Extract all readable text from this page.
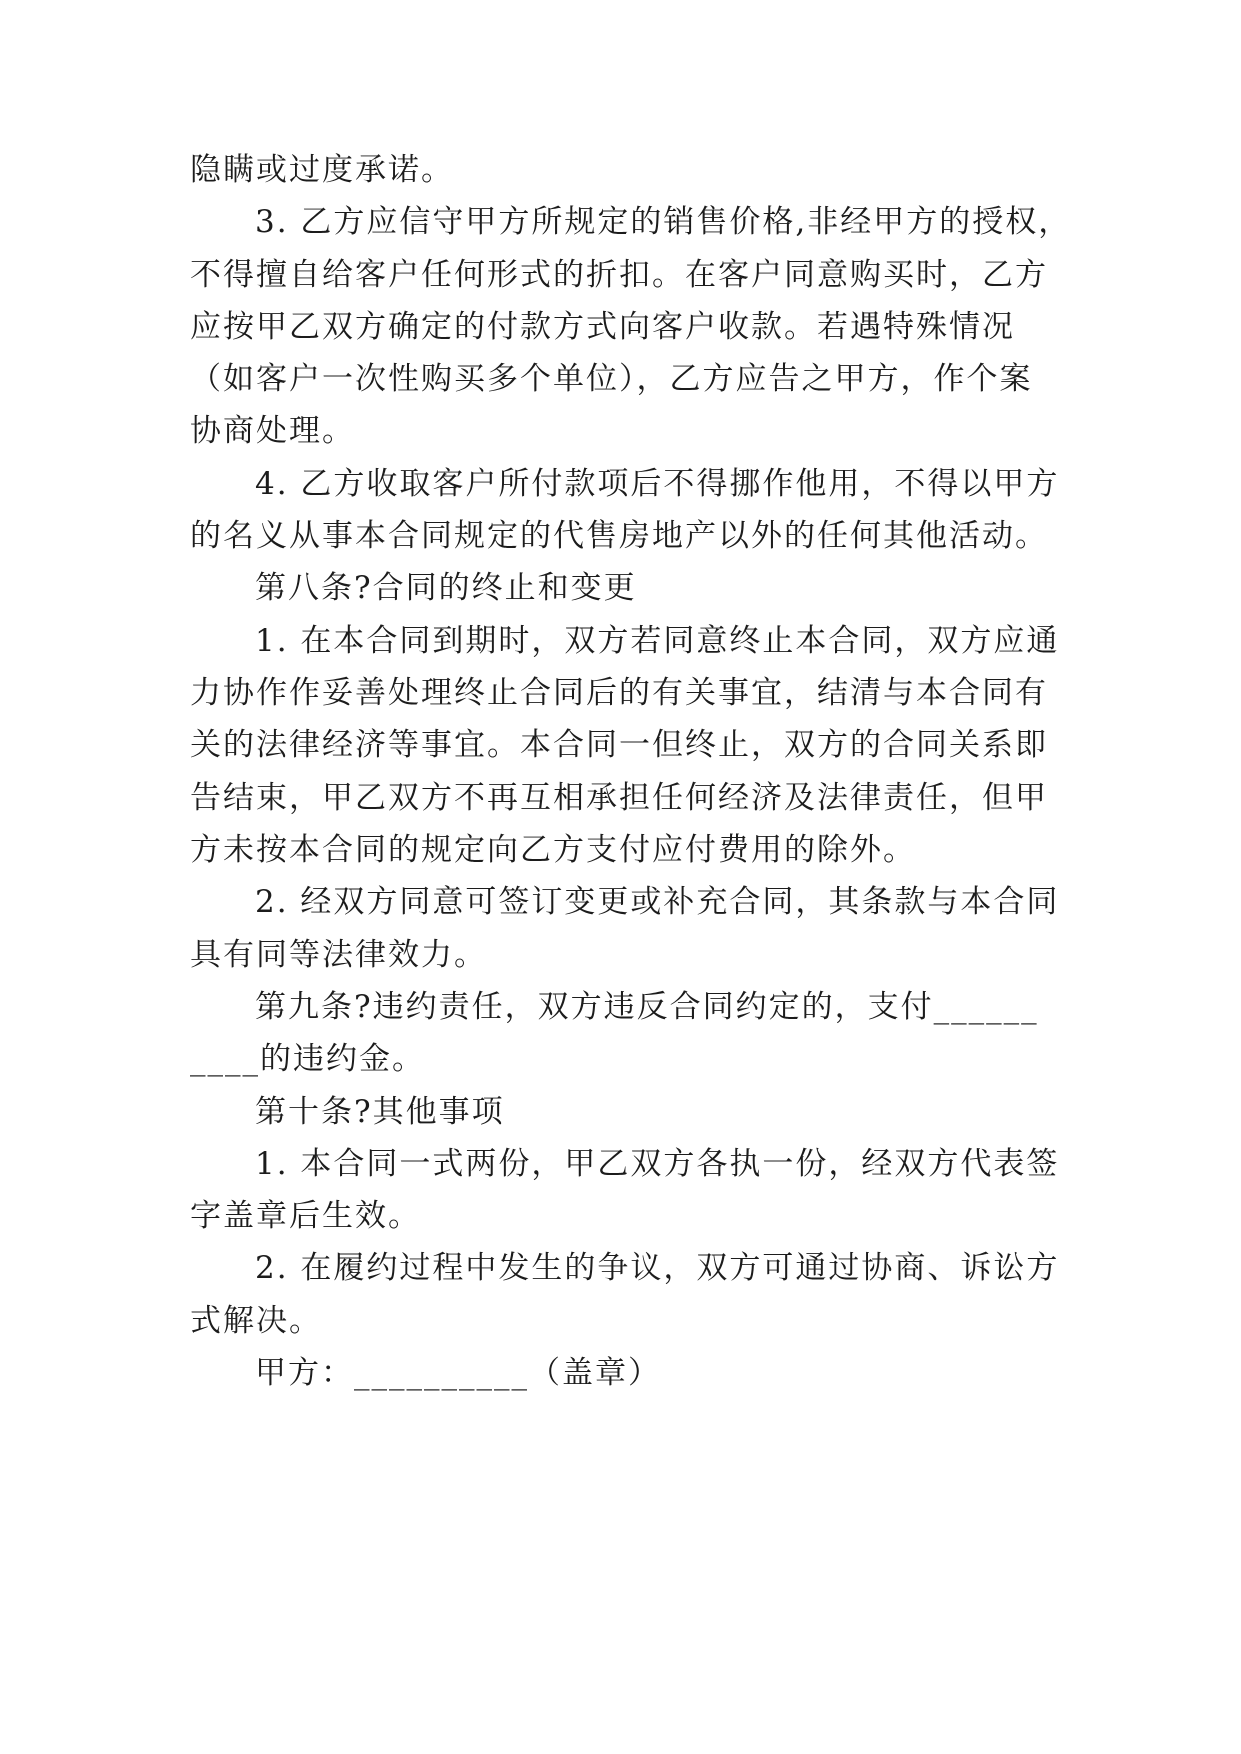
隐瞒或过度承诺。
3. 乙方应信守甲方所规定的销售价格,非经甲方的授权，
不得擅自给客户任何形式的折扣。在客户同意购买时，乙方
应按甲乙双方确定的付款方式向客户收款。若遇特殊情况
（如客户一次性购买多个单位），乙方应告之甲方，作个案
协商处理。
4. 乙方收取客户所付款项后不得挪作他用，不得以甲方
的名义从事本合同规定的代售房地产以外的任何其他活动。
第八条?合同的终止和变更
1. 在本合同到期时，双方若同意终止本合同，双方应通
力协作作妥善处理终止合同后的有关事宜，结清与本合同有
关的法律经济等事宜。本合同一但终止，双方的合同关系即
告结束，甲乙双方不再互相承担任何经济及法律责任，但甲
方未按本合同的规定向乙方支付应付费用的除外。
2. 经双方同意可签订变更或补充合同，其条款与本合同
具有同等法律效力。
第九条?违约责任，双方违反合同约定的，支付______
____的违约金。
第十条?其他事项
1. 本合同一式两份，甲乙双方各执一份，经双方代表签
字盖章后生效。
2. 在履约过程中发生的争议，双方可通过协商、诉讼方
式解决。
甲方：__________（盖章）
